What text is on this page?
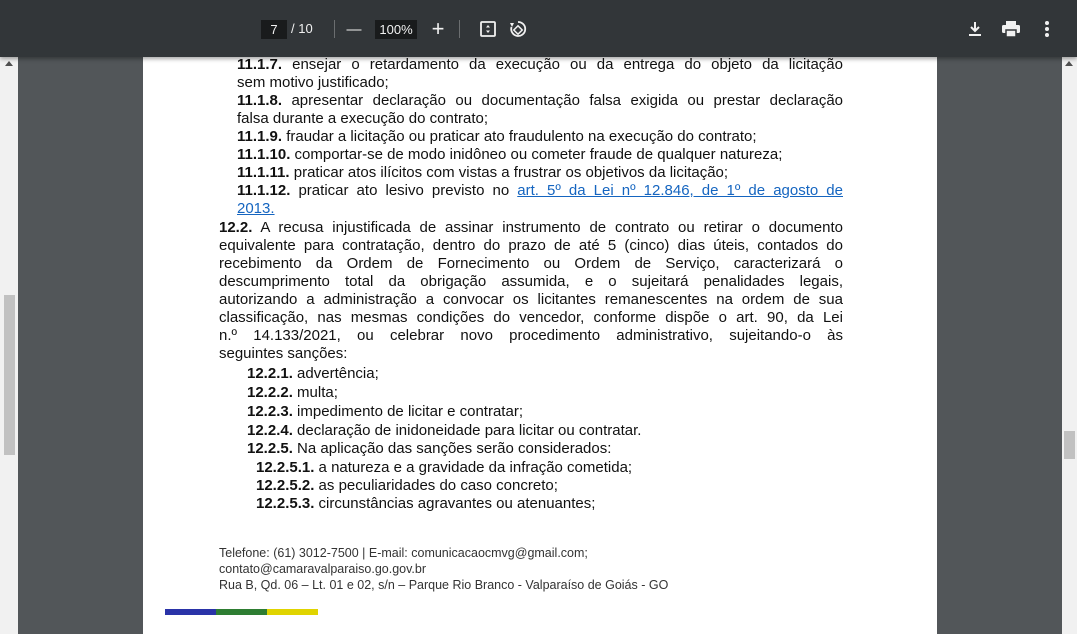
7	/ 10 —	100% +
11.1.7. ensejar o retardamento da execução ou da entrega do objeto da licitação
sem motivo justificado;
11.1.8. apresentar declaração ou documentação falsa exigida ou prestar declaração
falsa durante a execução do contrato;
11.1.9. fraudar a licitação ou praticar ato fraudulento na execução do contrato;
11.1.10. comportar-se de modo inidôneo ou cometer fraude de qualquer natureza;
11.1.11. praticar atos ilícitos com vistas a frustrar os objetivos da licitação;
11.1.12. praticar ato lesivo previsto no art. 5º da Lei nº 12.846, de 1º de agosto de
2013.
12.2. A recusa injustificada de assinar instrumento de contrato ou retirar o documento
equivalente para contratação, dentro do prazo de até 5 (cinco) dias úteis, contados do
recebimento da Ordem de Fornecimento ou Ordem de Serviço, caracterizará o
descumprimento total da obrigação assumida, e o sujeitará penalidades legais,
autorizando a administração a convocar os licitantes remanescentes na ordem de sua
classificação, nas mesmas condições do vencedor, conforme dispõe o art. 90, da Lei
n.º 14.133/2021, ou celebrar novo procedimento administrativo, sujeitando-o às
seguintes sanções:
12.2.1. advertência;
12.2.2. multa;
12.2.3. impedimento de licitar e contratar;
12.2.4. declaração de inidoneidade para licitar ou contratar.
12.2.5. Na aplicação das sanções serão considerados:
12.2.5.1. a natureza e a gravidade da infração cometida;
12.2.5.2. as peculiaridades do caso concreto;
12.2.5.3. circunstâncias agravantes ou atenuantes;
Telefone: (61) 3012-7500 | E-mail: comunicacaocmvg@gmail.com;
contato@camaravalparaiso.go.gov.br
Rua B, Qd. 06 – Lt. 01 e 02, s/n – Parque Rio Branco - Valparaíso de Goiás - GO
